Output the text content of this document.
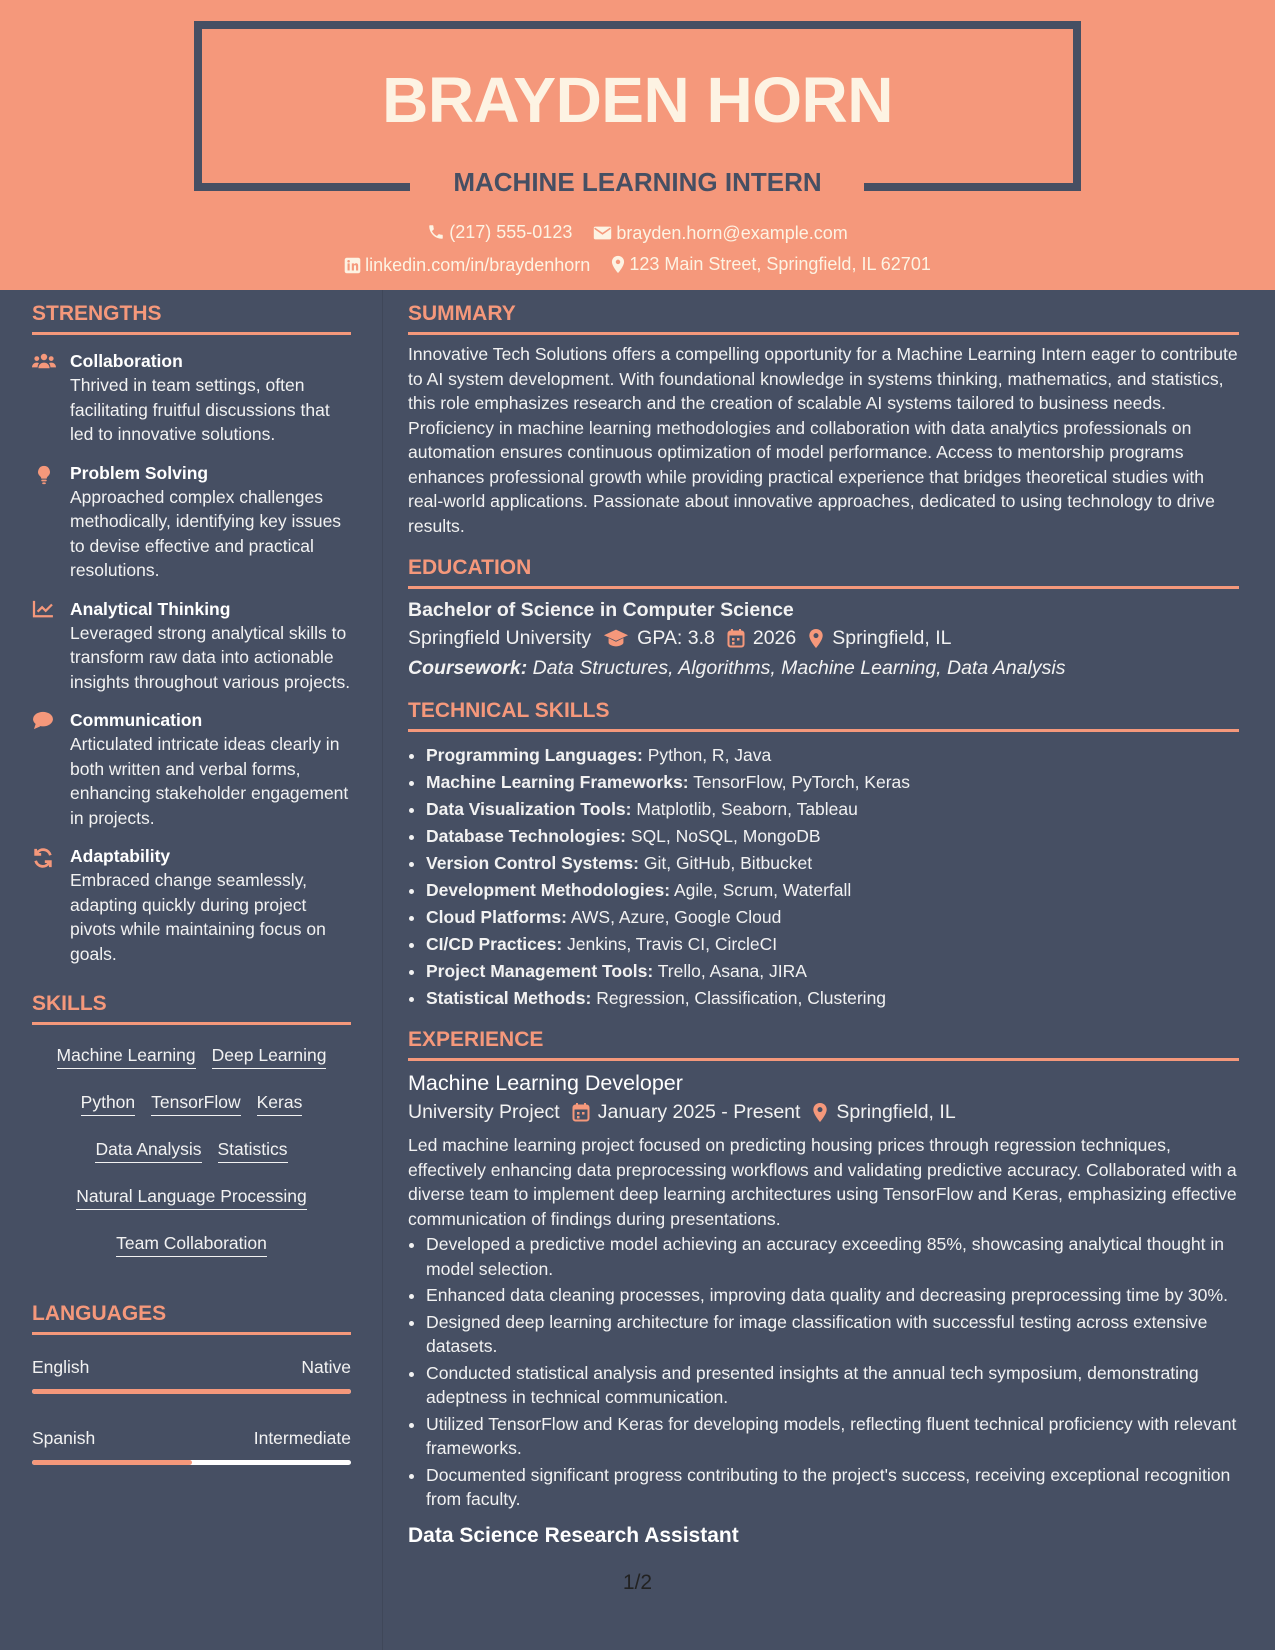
BRAYDEN HORN
MACHINE LEARNING INTERN
(217) 555-0123
brayden.horn@example.com
linkedin.com/in/braydenhorn
123 Main Street, Springfield, IL 62701
STRENGTHS
Collaboration
Thrived in team settings, often facilitating fruitful discussions that led to innovative solutions.
Problem Solving
Approached complex challenges methodically, identifying key issues to devise effective and practical resolutions.
Analytical Thinking
Leveraged strong analytical skills to transform raw data into actionable insights throughout various projects.
Communication
Articulated intricate ideas clearly in both written and verbal forms, enhancing stakeholder engagement in projects.
Adaptability
Embraced change seamlessly, adapting quickly during project pivots while maintaining focus on goals.
SKILLS
Machine Learning Deep Learning
Python TensorFlow Keras
Data Analysis Statistics
Natural Language Processing
Team Collaboration
LANGUAGES
English	Native
Spanish	Intermediate
SUMMARY
Innovative Tech Solutions offers a compelling opportunity for a Machine Learning Intern eager to contribute to AI system development. With foundational knowledge in systems thinking, mathematics, and statistics, this role emphasizes research and the creation of scalable AI systems tailored to business needs. Proficiency in machine learning methodologies and collaboration with data analytics professionals on automation ensures continuous optimization of model performance. Access to mentorship programs enhances professional growth while providing practical experience that bridges theoretical studies with real-world applications. Passionate about innovative approaches, dedicated to using technology to drive results.
EDUCATION
Bachelor of Science in Computer Science
Springfield University GPA: 3.8 2026 Springfield, IL
Coursework: Data Structures, Algorithms, Machine Learning, Data Analysis
TECHNICAL SKILLS
• Programming Languages: Python, R, Java
• Machine Learning Frameworks: TensorFlow, PyTorch, Keras
• Data Visualization Tools: Matplotlib, Seaborn, Tableau
• Database Technologies: SQL, NoSQL, MongoDB
• Version Control Systems: Git, GitHub, Bitbucket
• Development Methodologies: Agile, Scrum, Waterfall
• Cloud Platforms: AWS, Azure, Google Cloud
• CI/CD Practices: Jenkins, Travis CI, CircleCI
• Project Management Tools: Trello, Asana, JIRA
• Statistical Methods: Regression, Classification, Clustering
EXPERIENCE
Machine Learning Developer
University Project January 2025 - Present Springfield, IL
Led machine learning project focused on predicting housing prices through regression techniques, effectively enhancing data preprocessing workflows and validating predictive accuracy. Collaborated with a diverse team to implement deep learning architectures using TensorFlow and Keras, emphasizing effective communication of findings during presentations.
• Developed a predictive model achieving an accuracy exceeding 85%, showcasing analytical thought in model selection.
• Enhanced data cleaning processes, improving data quality and decreasing preprocessing time by 30%.
• Designed deep learning architecture for image classification with successful testing across extensive datasets.
• Conducted statistical analysis and presented insights at the annual tech symposium, demonstrating adeptness in technical communication.
• Utilized TensorFlow and Keras for developing models, reflecting fluent technical proficiency with relevant frameworks.
• Documented significant progress contributing to the project's success, receiving exceptional recognition from faculty.
Data Science Research Assistant
1/2
